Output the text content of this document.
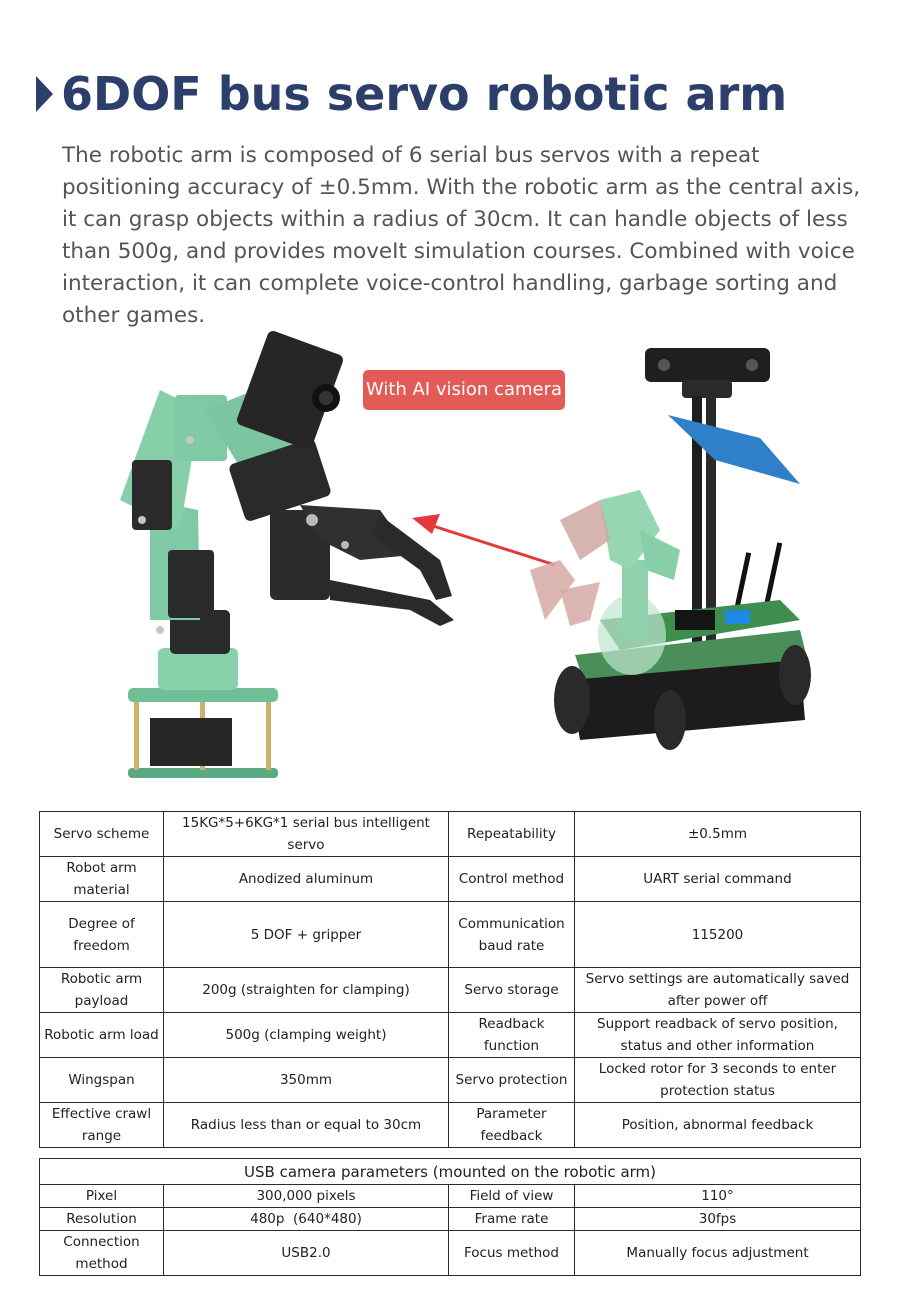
6DOF bus servo robotic arm
The robotic arm is composed of 6 serial bus servos with a repeat positioning accuracy of ±0.5mm. With the robotic arm as the central axis, it can grasp objects within a radius of 30cm. It can handle objects of less than 500g, and provides moveIt simulation courses. Combined with voice interaction, it can complete voice-control handling, garbage sorting and other games.
With AI vision camera
Servo scheme	15KG*5+6KG*1 serial bus intelligent servo	Repeatability	±0.5mm
Robot arm material	Anodized aluminum	Control method	UART serial command
Degree of freedom	5 DOF + gripper	Communication baud rate	115200
Robotic arm payload	200g (straighten for clamping)	Servo storage	Servo settings are automatically saved after power off
Robotic arm load	500g (clamping weight)	Readback function	Support readback of servo position, status and other information
Wingspan	350mm	Servo protection	Locked rotor for 3 seconds to enter protection status
Effective crawl range	Radius less than or equal to 30cm	Parameter feedback	Position, abnormal feedback
USB camera parameters (mounted on the robotic arm)			
Pixel	300,000 pixels	Field of view	110°
Resolution	480p  (640*480)	Frame rate	30fps
Connection method	USB2.0	Focus method	Manually focus adjustment
